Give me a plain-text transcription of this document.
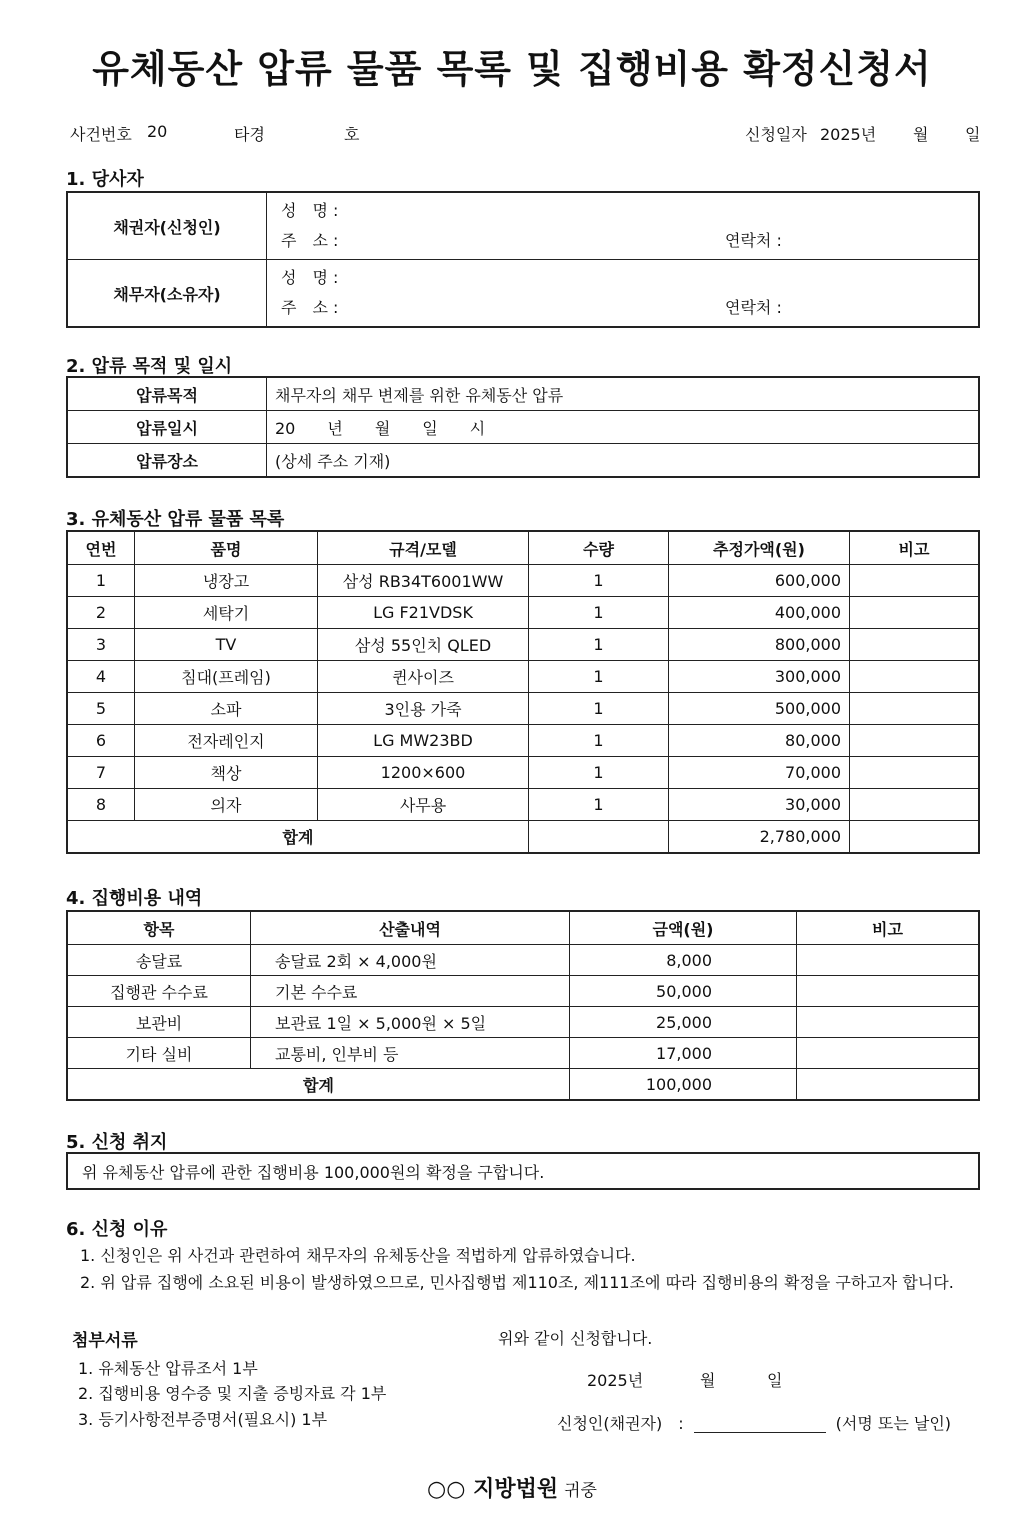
유체동산 압류 물품 목록 및 집행비용 확정신청서
사건번호 20	타경	호	신청일자 2025년 월 일
1. 당사자
채권자(신청인)	성　명 :
주　소 : 연락처 :

채무자(소유자)	성　명 :
주　소 : 연락처 :
2. 압류 목적 및 일시
압류목적	채무자의 채무 변제를 위한 유체동산 압류
압류일시	20　　년　　월　　일　　시
압류장소	(상세 주소 기재)
3. 유체동산 압류 물품 목록
연번	품명	규격/모델	수량	추정가액(원)	비고
1	냉장고	삼성 RB34T6001WW	1	600,000	
2	세탁기	LG F21VDSK	1	400,000	
3	TV	삼성 55인치 QLED	1	800,000	
4	침대(프레임)	퀸사이즈	1	300,000	
5	소파	3인용 가죽	1	500,000	
6	전자레인지	LG MW23BD	1	80,000	
7	책상	1200×600	1	70,000	
8	의자	사무용	1	30,000	
합계				2,780,000	
4. 집행비용 내역
항목	산출내역	금액(원)	비고
송달료	송달료 2회 × 4,000원	8,000	
집행관 수수료	기본 수수료	50,000	
보관비	보관료 1일 × 5,000원 × 5일	25,000	
기타 실비	교통비, 인부비 등	17,000	
합계		100,000	
5. 신청 취지
위 유체동산 압류에 관한 집행비용 100,000원의 확정을 구합니다.
6. 신청 이유
1. 신청인은 위 사건과 관련하여 채무자의 유체동산을 적법하게 압류하였습니다.
2. 위 압류 집행에 소요된 비용이 발생하였으므로, 민사집행법 제110조, 제111조에 따라 집행비용의 확정을 구하고자 합니다.
첨부서류
1. 유체동산 압류조서 1부
2. 집행비용 영수증 및 지출 증빙자료 각 1부
3. 등기사항전부증명서(필요시) 1부
위와 같이 신청합니다.
2025년	월	일
신청인(채권자)　:	(서명 또는 날인)
○○ 지방법원 귀중
